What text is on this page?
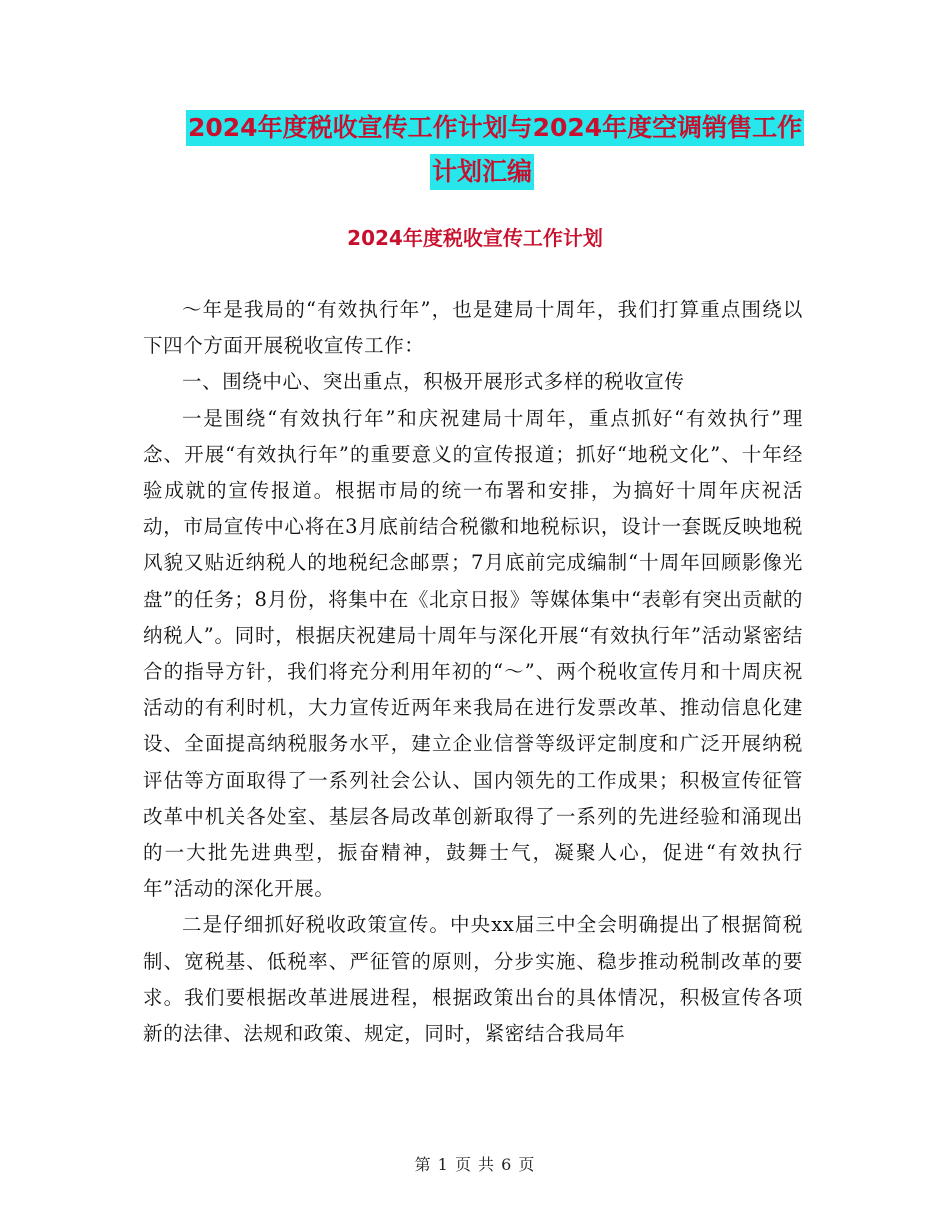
2024年度税收宣传工作计划与2024年度空调销售工作
计划汇编
2024年度税收宣传工作计划

～年是我局的“有效执行年”，也是建局十周年，我们打算重点围绕以下四个方面开展税收宣传工作：

一、围绕中心、突出重点，积极开展形式多样的税收宣传

一是围绕“有效执行年”和庆祝建局十周年，重点抓好“有效执行”理念、开展“有效执行年”的重要意义的宣传报道；抓好“地税文化”、十年经验成就的宣传报道。根据市局的统一布署和安排，为搞好十周年庆祝活动，市局宣传中心将在3月底前结合税徽和地税标识，设计一套既反映地税风貌又贴近纳税人的地税纪念邮票；7月底前完成编制“十周年回顾影像光盘”的任务；8月份，将集中在《北京日报》等媒体集中“表彰有突出贡献的纳税人”。同时，根据庆祝建局十周年与深化开展“有效执行年”活动紧密结合的指导方针，我们将充分利用年初的“～”、两个税收宣传月和十周庆祝活动的有利时机，大力宣传近两年来我局在进行发票改革、推动信息化建设、全面提高纳税服务水平，建立企业信誉等级评定制度和广泛开展纳税评估等方面取得了一系列社会公认、国内领先的工作成果；积极宣传征管改革中机关各处室、基层各局改革创新取得了一系列的先进经验和涌现出的一大批先进典型，振奋精神，鼓舞士气，凝聚人心，促进“有效执行年”活动的深化开展。

二是仔细抓好税收政策宣传。中央xx届三中全会明确提出了根据简税制、宽税基、低税率、严征管的原则，分步实施、稳步推动税制改革的要求。我们要根据改革进展进程，根据政策出台的具体情况，积极宣传各项新的法律、法规和政策、规定，同时，紧密结合我局年

第 1 页 共 6 页
